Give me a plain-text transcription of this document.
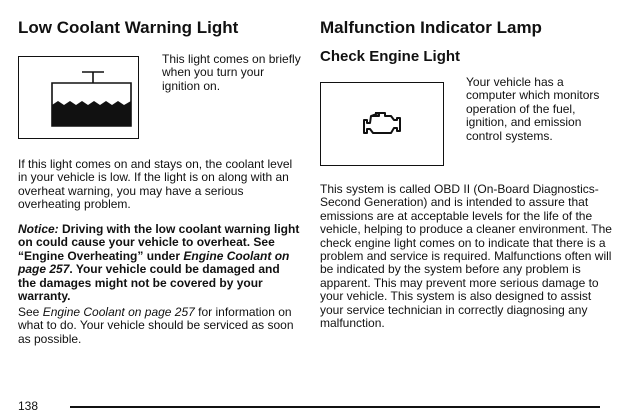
Low Coolant Warning Light
This light comes on briefly when you turn your ignition on.

If this light comes on and stays on, the coolant level in your vehicle is low. If the light is on along with an overheat warning, you may have a serious overheating problem.

Notice: Driving with the low coolant warning light on could cause your vehicle to overheat. See “Engine Overheating” under Engine Coolant on page 257. Your vehicle could be damaged and the damages might not be covered by your warranty.

See Engine Coolant on page 257 for information on what to do. Your vehicle should be serviced as soon as possible.

Malfunction Indicator Lamp
Check Engine Light
Your vehicle has a computer which monitors operation of the fuel, ignition, and emission control systems.

This system is called OBD II (On-Board Diagnostics-Second Generation) and is intended to assure that emissions are at acceptable levels for the life of the vehicle, helping to produce a cleaner environment. The check engine light comes on to indicate that there is a problem and service is required. Malfunctions often will be indicated by the system before any problem is apparent. This may prevent more serious damage to your vehicle. This system is also designed to assist your service technician in correctly diagnosing any malfunction.

138
